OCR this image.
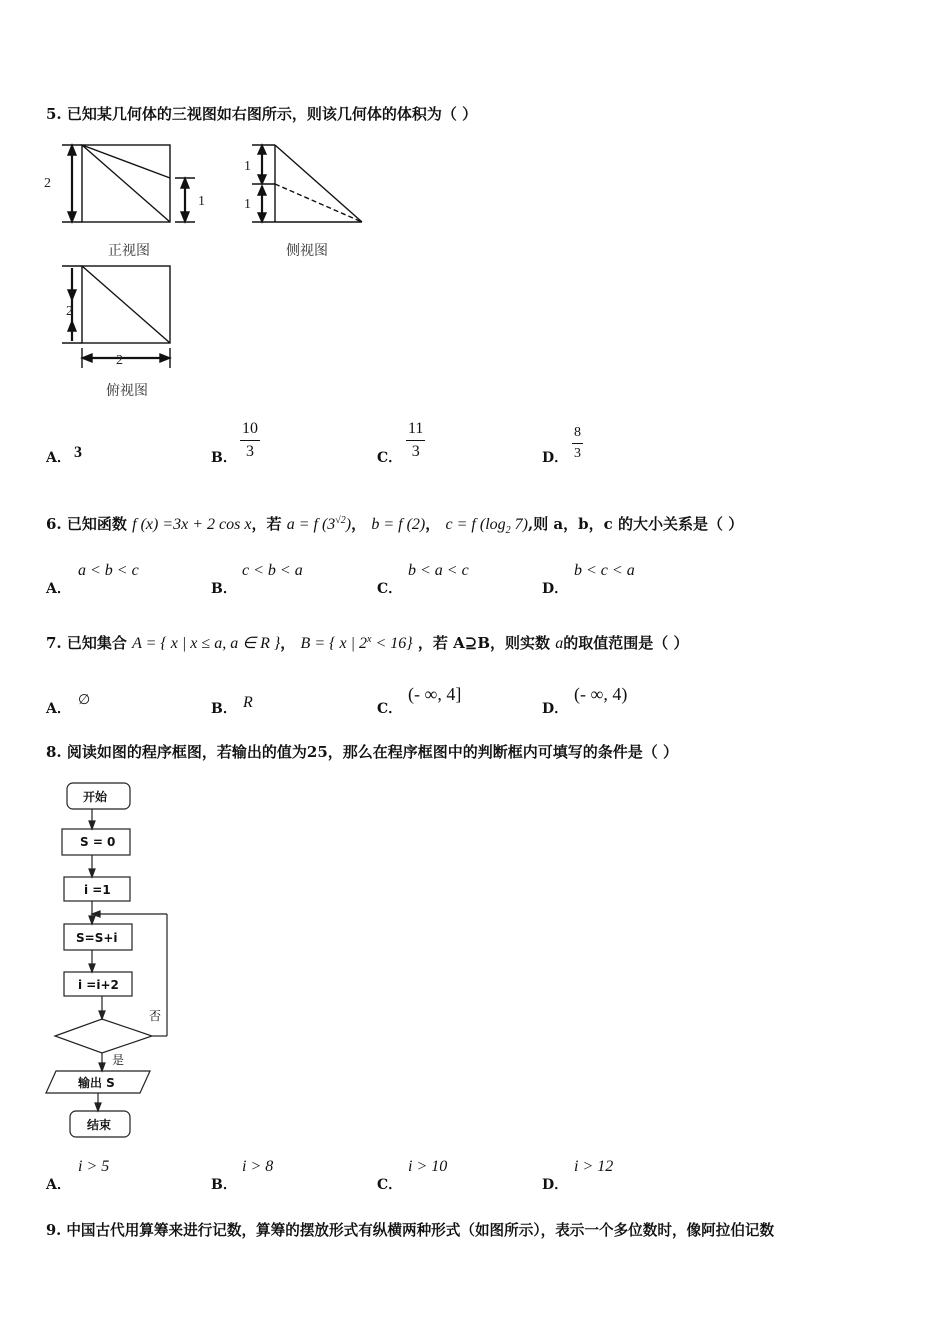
5. 已知某几何体的三视图如右图所示，则该几何体的体积为（ ）
2
1
正视图
1
1
侧视图
2
2
俯视图
A． 3	B． $\frac{10}{3}$	C． $\frac{11}{3}$	D． $\frac{8}{3}$
6. 已知函数 f (x) =3x + 2 cos x，若 a = f $(3^{√2})$， b = f (2)， c = f ($\log_2$ 7),则 a，b，c 的大小关系是（ ）
A．
a < b < c
B．
c < b < a
C．
b < a < c
D．
b < c < a
7. 已知集合 A = { x | x ≤ a, a ∈ R }， B = { x | $2^x < 16$} ，若 A⊇B，则实数 a的取值范围是（ ）
A．
∅
B． R	C．
(- ∞, 4]
D．
(- ∞, 4)
8. 阅读如图的程序框图，若输出的值为25，那么在程序框图中的判断框内可填写的条件是（ ）
开始
S = 0
i =1
S=S+i
i =i+2
否
是
输出 S
结束
A．
i > 5
B．
i > 8
C．
i > 10
D．
i > 12
9. 中国古代用算筹来进行记数，算筹的摆放形式有纵横两种形式（如图所示），表示一个多位数时，像阿拉伯记数
